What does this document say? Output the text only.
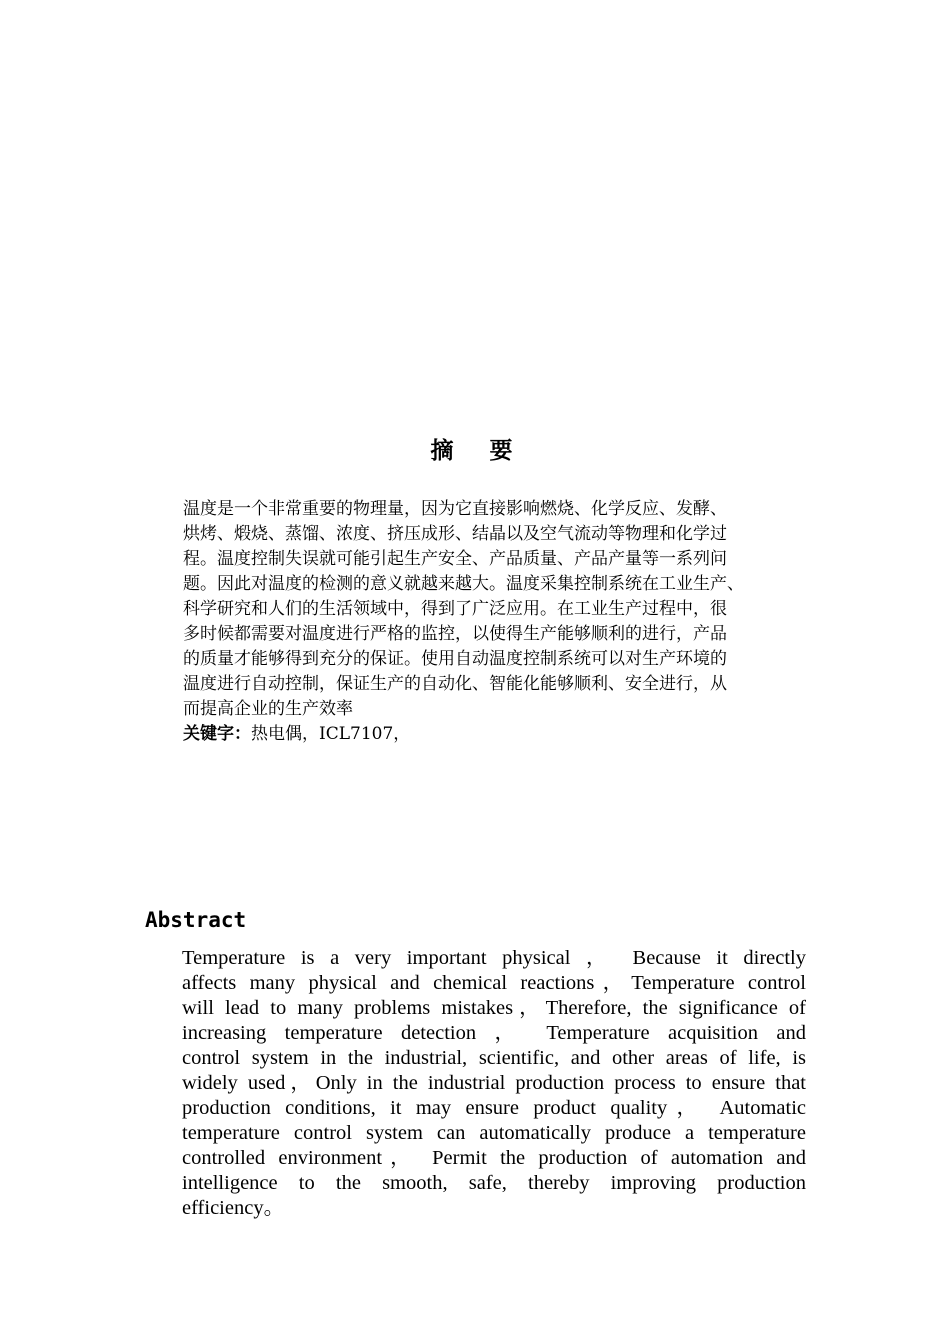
摘 要
温度是一个非常重要的物理量，因为它直接影响燃烧、化学反应、发酵、
烘烤、煅烧、蒸馏、浓度、挤压成形、结晶以及空气流动等物理和化学过
程。温度控制失误就可能引起生产安全、产品质量、产品产量等一系列问
题。因此对温度的检测的意义就越来越大。温度采集控制系统在工业生产、
科学研究和人们的生活领域中，得到了广泛应用。在工业生产过程中，很
多时候都需要对温度进行严格的监控，以使得生产能够顺利的进行，产品
的质量才能够得到充分的保证。使用自动温度控制系统可以对生产环境的
温度进行自动控制，保证生产的自动化、智能化能够顺利、安全进行，从
而提高企业的生产效率
关键字：热电偶，ICL7107，
Abstract
Temperature is a very important physical ， Because it directly
affects many physical and chemical reactions，Temperature control
will lead to many problems mistakes，Therefore, the significance of
increasing temperature detection ， Temperature acquisition and
control system in the industrial, scientific, and other areas of life, is
widely used，Only in the industrial production process to ensure that
production conditions, it may ensure product quality， Automatic
temperature control system can automatically produce a temperature
controlled environment， Permit the production of automation and
intelligence to the smooth, safe, thereby improving production
efficiency。
